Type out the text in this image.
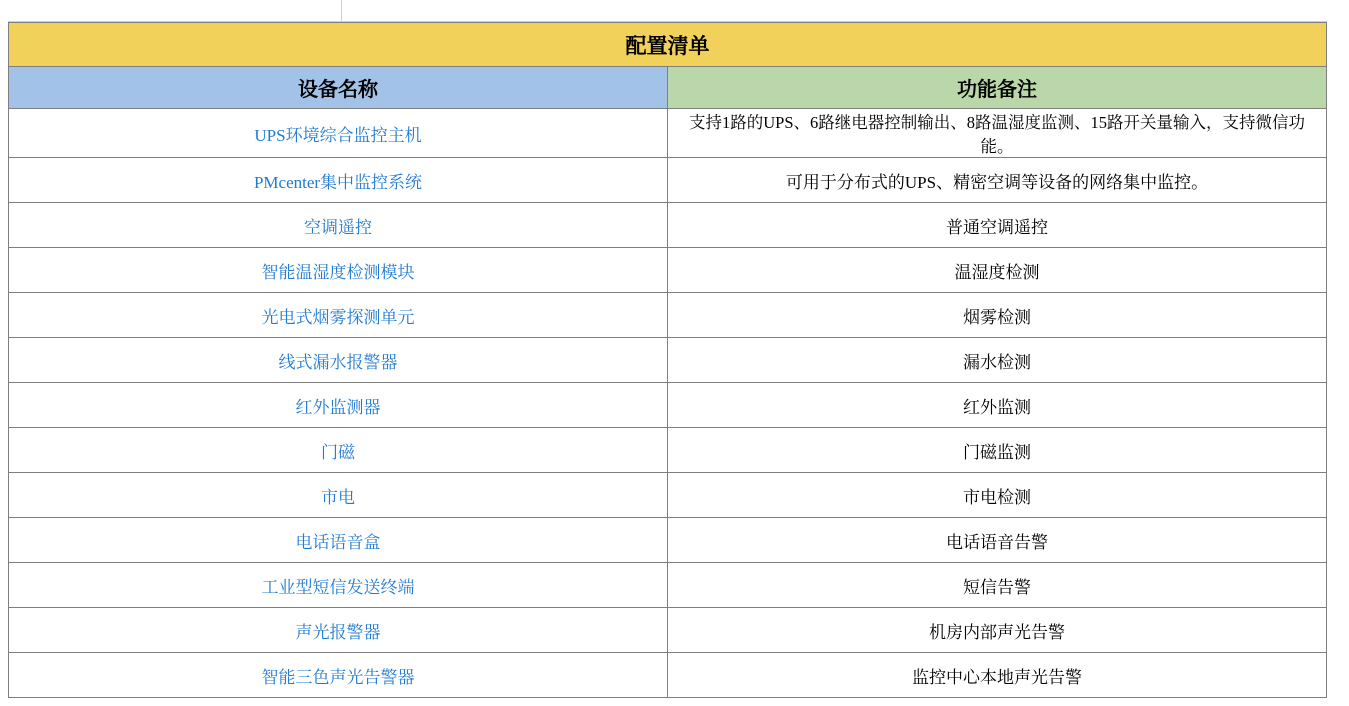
配置清单	
设备名称	功能备注
UPS环境综合监控主机	支持1路的UPS、6路继电器控制输出、8路温湿度监测、15路开关量输入，支持微信功能。
PMcenter集中监控系统	可用于分布式的UPS、精密空调等设备的网络集中监控。
空调遥控	普通空调遥控
智能温湿度检测模块	温湿度检测
光电式烟雾探测单元	烟雾检测
线式漏水报警器	漏水检测
红外监测器	红外监测
门磁	门磁监测
市电	市电检测
电话语音盒	电话语音告警
工业型短信发送终端	短信告警
声光报警器	机房内部声光告警
智能三色声光告警器	监控中心本地声光告警
